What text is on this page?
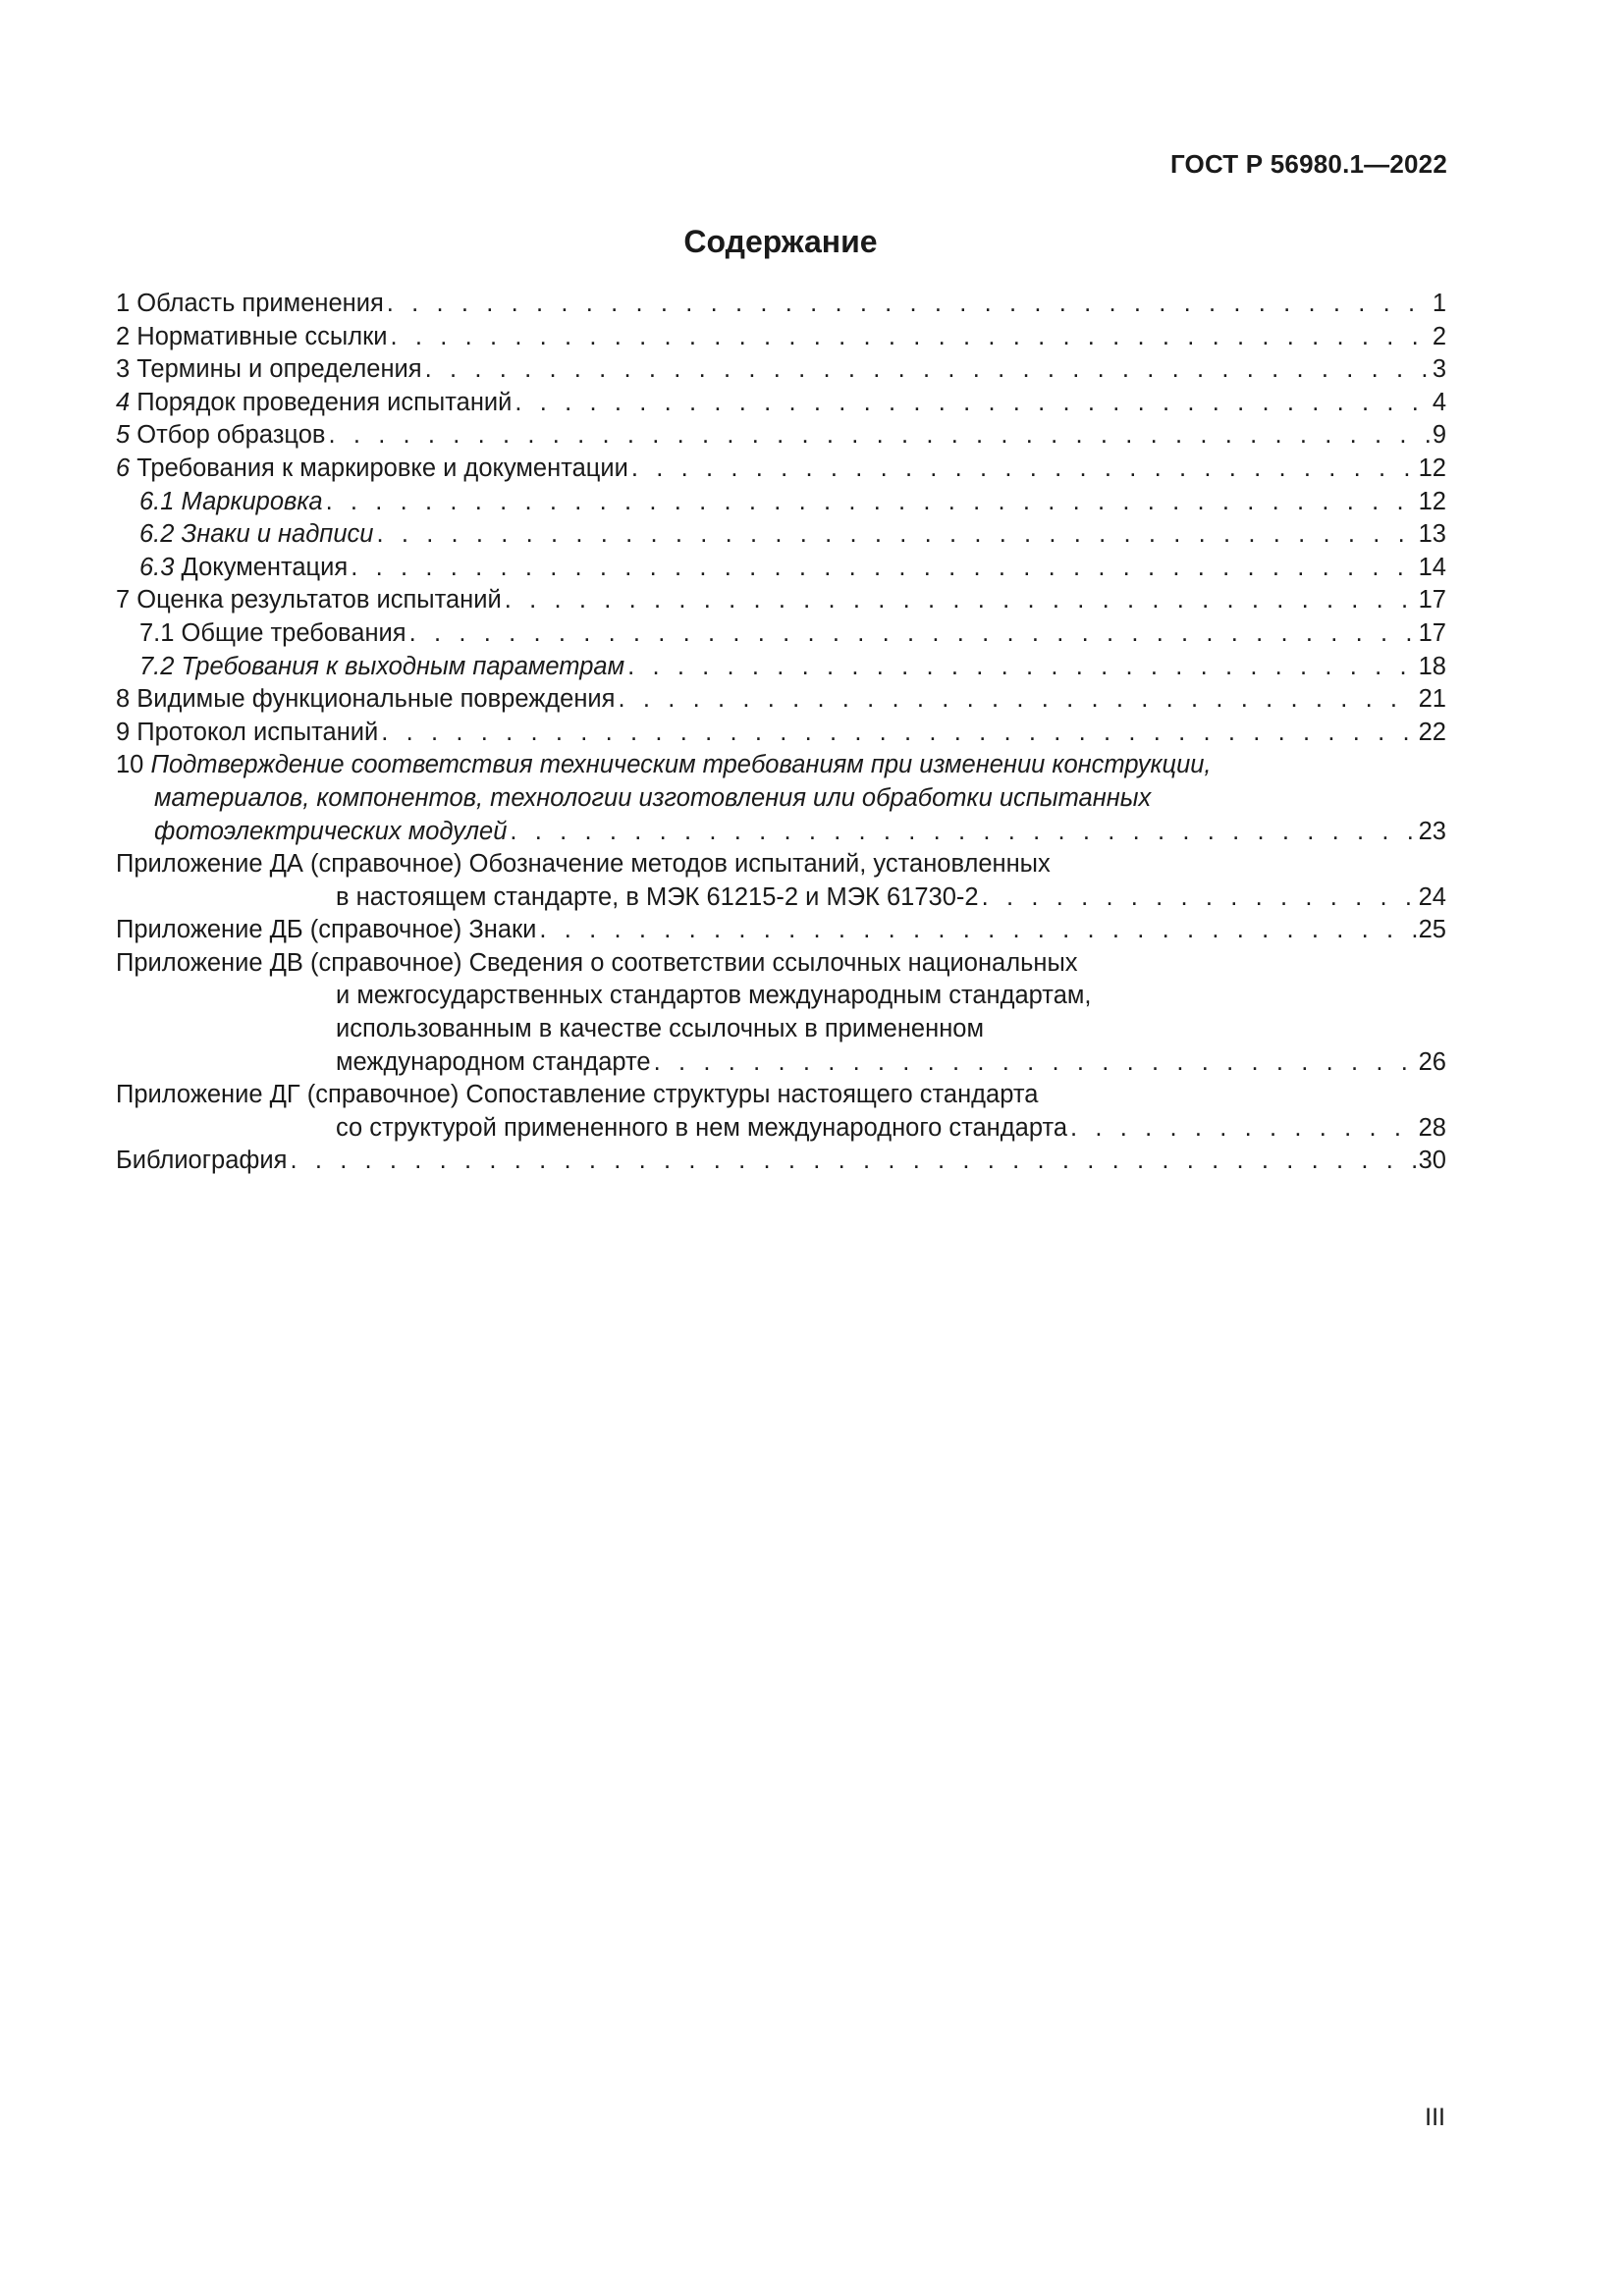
ГОСТ Р 56980.1—2022
Содержание
1 Область применения . . .	1
2 Нормативные ссылки . . .	2
3 Термины и определения . . .	3
4 Порядок проведения испытаний . . .	4
5 Отбор образцов . . .	9
6 Требования к маркировке и документации . . .	12
6.1 Маркировка . . .	12
6.2 Знаки и надписи . . .	13
6.3 Документация . . .	14
7 Оценка результатов испытаний . . .	17
7.1 Общие требования . . .	17
7.2 Требования к выходным параметрам . . .	18
8 Видимые функциональные повреждения . . .	21
9 Протокол испытаний . . .	22
10 Подтверждение соответствия техническим требованиям при изменении конструкции,
материалов, компонентов, технологии изготовления или обработки испытанных
фотоэлектрических модулей . . .	23
Приложение ДА (справочное) Обозначение методов испытаний, установленных
в настоящем стандарте, в МЭК 61215-2 и МЭК 61730-2 . . .	24
Приложение ДБ (справочное) Знаки . . .	25
Приложение ДВ (справочное) Сведения о соответствии ссылочных национальных
и межгосударственных стандартов международным стандартам,
использованным в качестве ссылочных в примененном
международном стандарте . . .	26
Приложение ДГ (справочное) Сопоставление структуры настоящего стандарта
со структурой примененного в нем международного стандарта . . .	28
Библиография . . .	30
III
